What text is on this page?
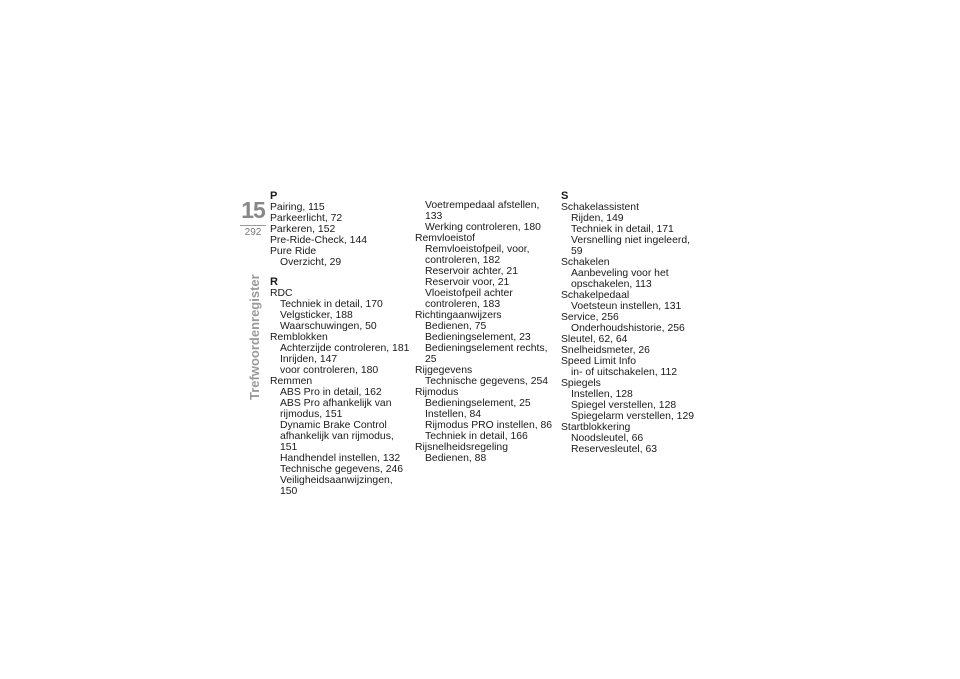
15
292
Trefwoordenregister
P
Pairing, 115
Parkeerlicht, 72
Parkeren, 152
Pre-Ride-Check, 144
Pure Ride
Overzicht, 29
R
RDC
Techniek in detail, 170
Velgsticker, 188
Waarschuwingen, 50
Remblokken
Achterzijde controleren, 181
Inrijden, 147
voor controleren, 180
Remmen
ABS Pro in detail, 162
ABS Pro afhankelijk van
rijmodus, 151
Dynamic Brake Control
afhankelijk van rijmodus, 151
Handhendel instellen, 132
Technische gegevens, 246
Veiligheidsaanwijzingen, 150
Voetrempedaal afstellen, 133
Werking controleren, 180
Remvloeistof
Remvloeistofpeil, voor,
controleren, 182
Reservoir achter, 21
Reservoir voor, 21
Vloeistofpeil achter
controleren, 183
Richtingaanwijzers
Bedienen, 75
Bedieningselement, 23
Bedieningselement rechts, 25
Rijgegevens
Technische gegevens, 254
Rijmodus
Bedieningselement, 25
Instellen, 84
Rijmodus PRO instellen, 86
Techniek in detail, 166
Rijsnelheidsregeling
Bedienen, 88
S
Schakelassistent
Rijden, 149
Techniek in detail, 171
Versnelling niet ingeleerd, 59
Schakelen
Aanbeveling voor het
opschakelen, 113
Schakelpedaal
Voetsteun instellen, 131
Service, 256
Onderhoudshistorie, 256
Sleutel, 62, 64
Snelheidsmeter, 26
Speed Limit Info
in- of uitschakelen, 112
Spiegels
Instellen, 128
Spiegel verstellen, 128
Spiegelarm verstellen, 129
Startblokkering
Noodsleutel, 66
Reservesleutel, 63
